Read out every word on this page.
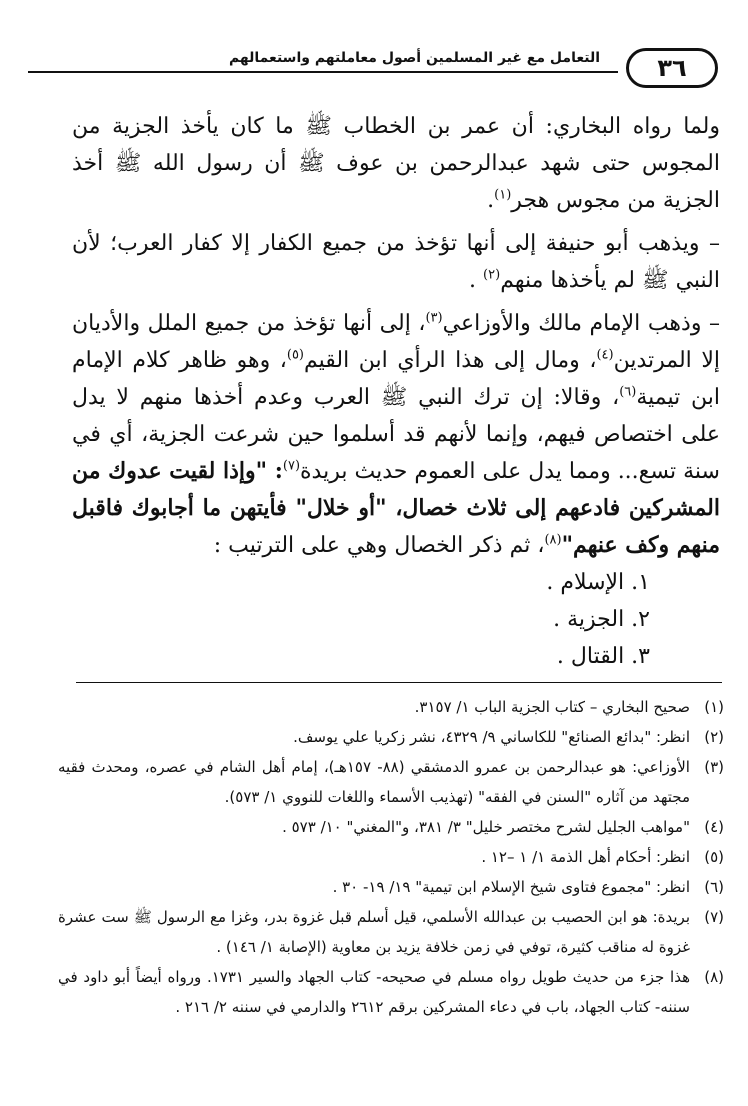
التعامل مع غير المسلمين أصول معاملتهم واستعمالهم	٣٦

ولما رواه البخاري: أن عمر بن الخطاب ﷺ ما كان يأخذ الجزية من المجوس حتى شهد عبدالرحمن بن عوف ﷺ أن رسول الله ﷺ أخذ الجزية من مجوس هجر$^{(١)}$.

– ويذهب أبو حنيفة إلى أنها تؤخذ من جميع الكفار إلا كفار العرب؛ لأن النبي ﷺ لم يأخذها منهم$^{(٢)}$ .

– وذهب الإمام مالك والأوزاعي$^{(٣)}$، إلى أنها تؤخذ من جميع الملل والأديان إلا المرتدين$^{(٤)}$، ومال إلى هذا الرأي ابن القيم$^{(٥)}$، وهو ظاهر كلام الإمام ابن تيمية$^{(٦)}$، وقالا: إن ترك النبي ﷺ العرب وعدم أخذها منهم لا يدل على اختصاص فيهم، وإنما لأنهم قد أسلموا حين شرعت الجزية، أي في سنة تسع... ومما يدل على العموم حديث بريدة$^{(٧)}$: "وإذا لقيت عدوك من المشركين فادعهم إلى ثلاث خصال، "أو خلال" فأيتهن ما أجابوك فاقبل منهم وكف عنهم"$^{(٨)}$، ثم ذكر الخصال وهي على الترتيب :

١. الإسلام .
٢. الجزية .
٣. القتال .
(١)
صحيح البخاري – كتاب الجزية الباب ١/ ٣١٥٧.
(٢)
انظر: "بدائع الصنائع" للكاساني ٩/ ٤٣٢٩، نشر زكريا علي يوسف.
(٣)
الأوزاعي: هو عبدالرحمن بن عمرو الدمشقي (٨٨- ١٥٧هـ)، إمام أهل الشام في عصره، ومحدث فقيه مجتهد من آثاره "السنن في الفقه" (تهذيب الأسماء واللغات للنووي ١/ ٥٧٣).
(٤)
"مواهب الجليل لشرح مختصر خليل" ٣/ ٣٨١، و"المغني" ١٠/ ٥٧٣ .
(٥)
انظر: أحكام أهل الذمة ١/ ١ –١٢ .
(٦)
انظر: "مجموع فتاوى شيخ الإسلام ابن تيمية" ١٩/ ١٩- ٣٠ .
(٧)
بريدة: هو ابن الحصيب بن عبدالله الأسلمي، قيل أسلم قبل غزوة بدر، وغزا مع الرسول ﷺ ست عشرة غزوة له مناقب كثيرة، توفي في زمن خلافة يزيد بن معاوية (الإصابة ١/ ١٤٦) .
(٨)
هذا جزء من حديث طويل رواه مسلم في صحيحه- كتاب الجهاد والسير ١٧٣١. ورواه أيضاً أبو داود في سننه- كتاب الجهاد، باب في دعاء المشركين برقم ٢٦١٢ والدارمي في سننه ٢/ ٢١٦ .
